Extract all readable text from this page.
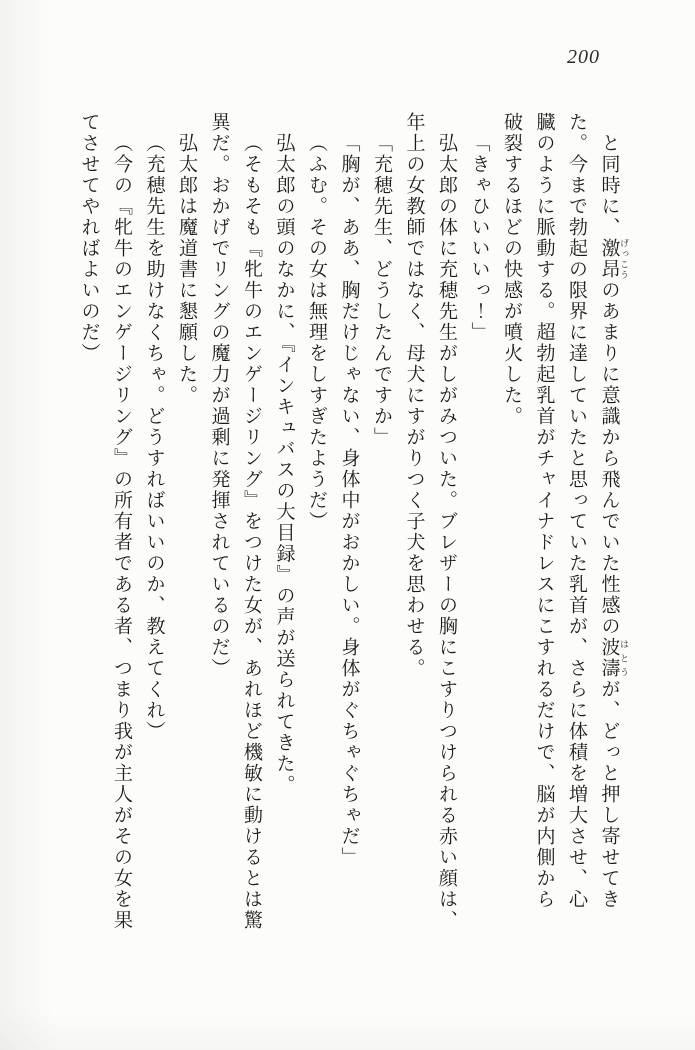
200
と同時に、激昂 げっこうのあまりに意識から飛んでいた性感の波濤 はとうが、どっと押し寄せてき
た。今まで勃起の限界に達していたと思っていた乳首が、さらに体積を増大させ、心
臓のように脈動する。超勃起乳首がチャイナドレスにこすれるだけで、脳が内側から
破裂するほどの快感が噴火した。
「きゃひいいいっ！」
弘太郎の体に充穂先生がしがみついた。ブレザーの胸にこすりつけられる赤い顔は、
年上の女教師ではなく、母犬にすがりつく子犬を思わせる。
「充穂先生、どうしたんですか」
「胸が、ああ、胸だけじゃない、身体中がおかしい。身体がぐちゃぐちゃだ」
（ふむ。その女は無理をしすぎたようだ）
弘太郎の頭のなかに、『インキュバスの大目録』の声が送られてきた。
（そもそも『牝牛のエンゲージリング』をつけた女が、あれほど機敏に動けるとは驚
異だ。おかげでリングの魔力が過剰に発揮されているのだ）
弘太郎は魔道書に懇願した。
（充穂先生を助けなくちゃ。どうすればいいのか、教えてくれ）
（今の『牝牛のエンゲージリング』の所有者である者、つまり我が主人がその女を果
てさせてやればよいのだ）
